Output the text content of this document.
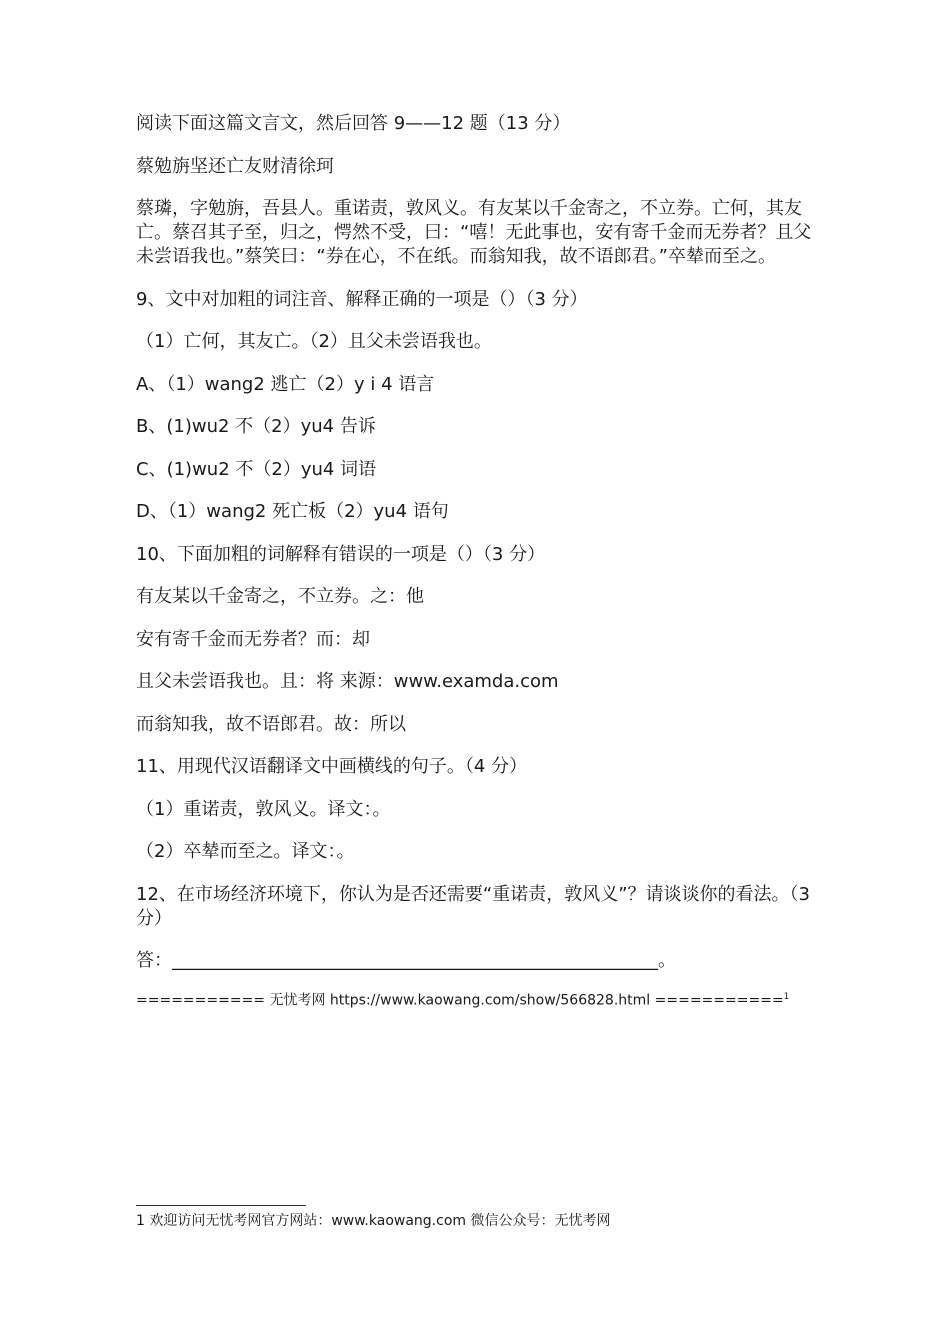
阅读下面这篇文言文，然后回答 9——12 题（13 分）

蔡勉旃坚还亡友财清徐珂

蔡璘，字勉旃，吾县人。重诺责，敦风义。有友某以千金寄之，不立券。亡何，其友亡。蔡召其子至，归之，愕然不受，曰：“嘻！无此事也，安有寄千金而无券者？且父未尝语我也。”蔡笑曰：“券在心，不在纸。而翁知我，故不语郎君。”卒辇而至之。

9、文中对加粗的词注音、解释正确的一项是（）（3 分）

（1）亡何，其友亡。（2）且父未尝语我也。

A、（1）wang2 逃亡（2）y i 4 语言

B、(1)wu2 不（2）yu4 告诉

C、(1)wu2 不（2）yu4 词语

D、（1）wang2 死亡板（2）yu4 语句

10、下面加粗的词解释有错误的一项是（）（3 分）

有友某以千金寄之，不立券。之：他

安有寄千金而无券者？而：却

且父未尝语我也。且：将 来源：www.examda.com

而翁知我，故不语郎君。故：所以

11、用现代汉语翻译文中画横线的句子。（4 分）

（1）重诺责，敦风义。译文：。

（2）卒辇而至之。译文：。

12、在市场经济环境下，你认为是否还需要“重诺责，敦风义”？请谈谈你的看法。（3 分）

答：______________________________________________________。

=========== 无忧考网 https://www.kaowang.com/show/566828.html ===========$^1$

1 欢迎访问无忧考网官方网站：www.kaowang.com 微信公众号：无忧考网
